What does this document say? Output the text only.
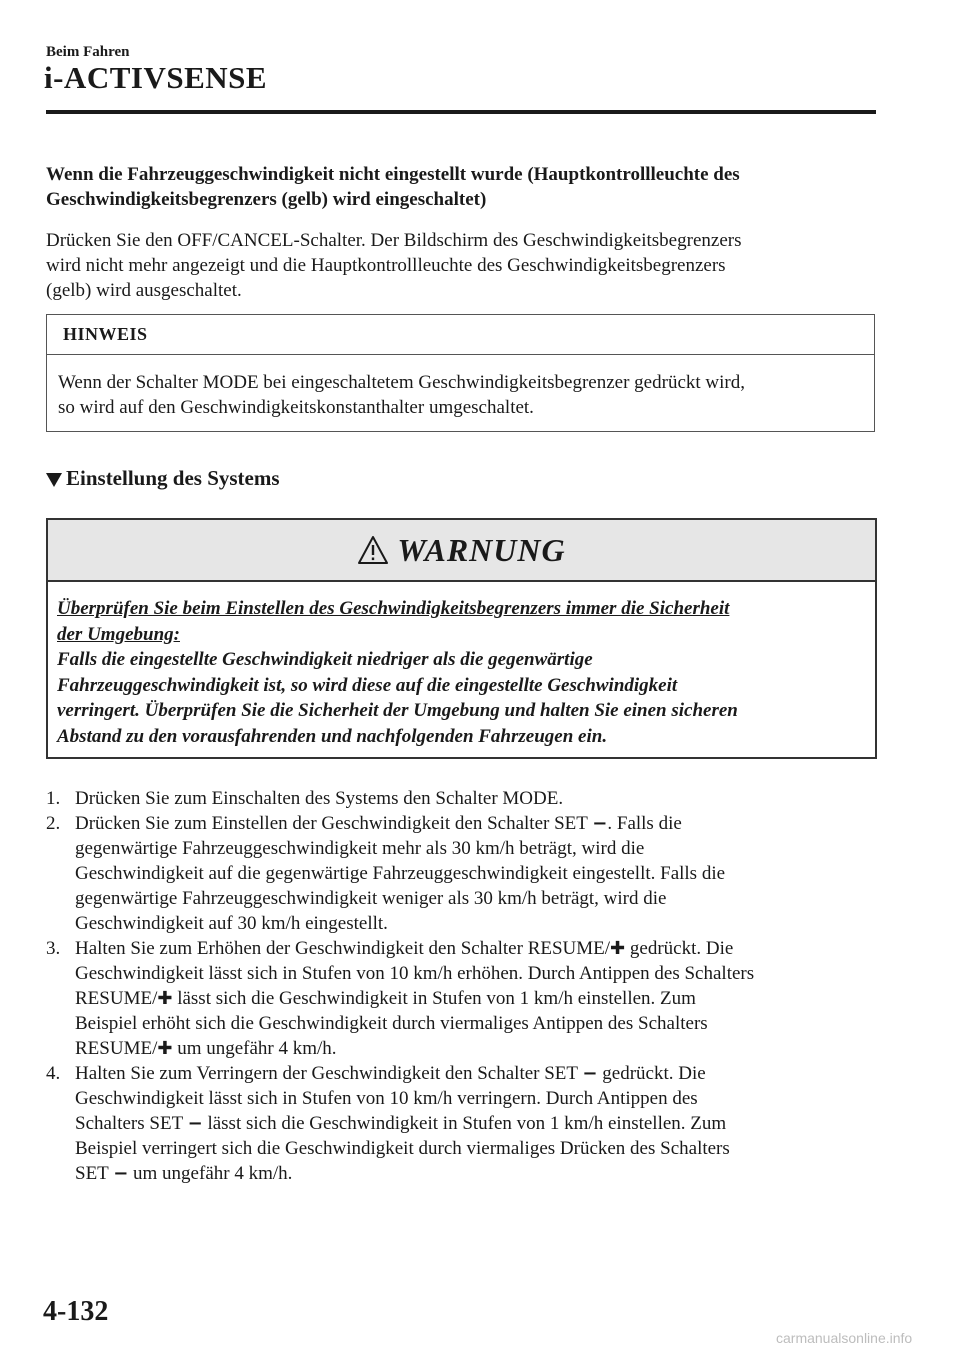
Beim Fahren
i-ACTIVSENSE
Wenn die Fahrzeuggeschwindigkeit nicht eingestellt wurde (Hauptkontrollleuchte des
Geschwindigkeitsbegrenzers (gelb) wird eingeschaltet)
Drücken Sie den OFF/CANCEL-Schalter. Der Bildschirm des Geschwindigkeitsbegrenzers
wird nicht mehr angezeigt und die Hauptkontrollleuchte des Geschwindigkeitsbegrenzers
(gelb) wird ausgeschaltet.
HINWEIS
Wenn der Schalter MODE bei eingeschaltetem Geschwindigkeitsbegrenzer gedrückt wird,
so wird auf den Geschwindigkeitskonstanthalter umgeschaltet.
Einstellung des Systems
WARNUNG
Überprüfen Sie beim Einstellen des Geschwindigkeitsbegrenzers immer die Sicherheit
der Umgebung:
Falls die eingestellte Geschwindigkeit niedriger als die gegenwärtige
Fahrzeuggeschwindigkeit ist, so wird diese auf die eingestellte Geschwindigkeit
verringert. Überprüfen Sie die Sicherheit der Umgebung und halten Sie einen sicheren
Abstand zu den vorausfahrenden und nachfolgenden Fahrzeugen ein.
1. Drücken Sie zum Einschalten des Systems den Schalter MODE.
2. Drücken Sie zum Einstellen der Geschwindigkeit den Schalter SET −. Falls die
gegenwärtige Fahrzeuggeschwindigkeit mehr als 30 km/h beträgt, wird die
Geschwindigkeit auf die gegenwärtige Fahrzeuggeschwindigkeit eingestellt. Falls die
gegenwärtige Fahrzeuggeschwindigkeit weniger als 30 km/h beträgt, wird die
Geschwindigkeit auf 30 km/h eingestellt.
3. Halten Sie zum Erhöhen der Geschwindigkeit den Schalter RESUME/✚ gedrückt. Die
Geschwindigkeit lässt sich in Stufen von 10 km/h erhöhen. Durch Antippen des Schalters
RESUME/✚ lässt sich die Geschwindigkeit in Stufen von 1 km/h einstellen. Zum
Beispiel erhöht sich die Geschwindigkeit durch viermaliges Antippen des Schalters
RESUME/✚ um ungefähr 4 km/h.
4. Halten Sie zum Verringern der Geschwindigkeit den Schalter SET − gedrückt. Die
Geschwindigkeit lässt sich in Stufen von 10 km/h verringern. Durch Antippen des
Schalters SET − lässt sich die Geschwindigkeit in Stufen von 1 km/h einstellen. Zum
Beispiel verringert sich die Geschwindigkeit durch viermaliges Drücken des Schalters
SET − um ungefähr 4 km/h.
4-132
carmanualsonline.info
